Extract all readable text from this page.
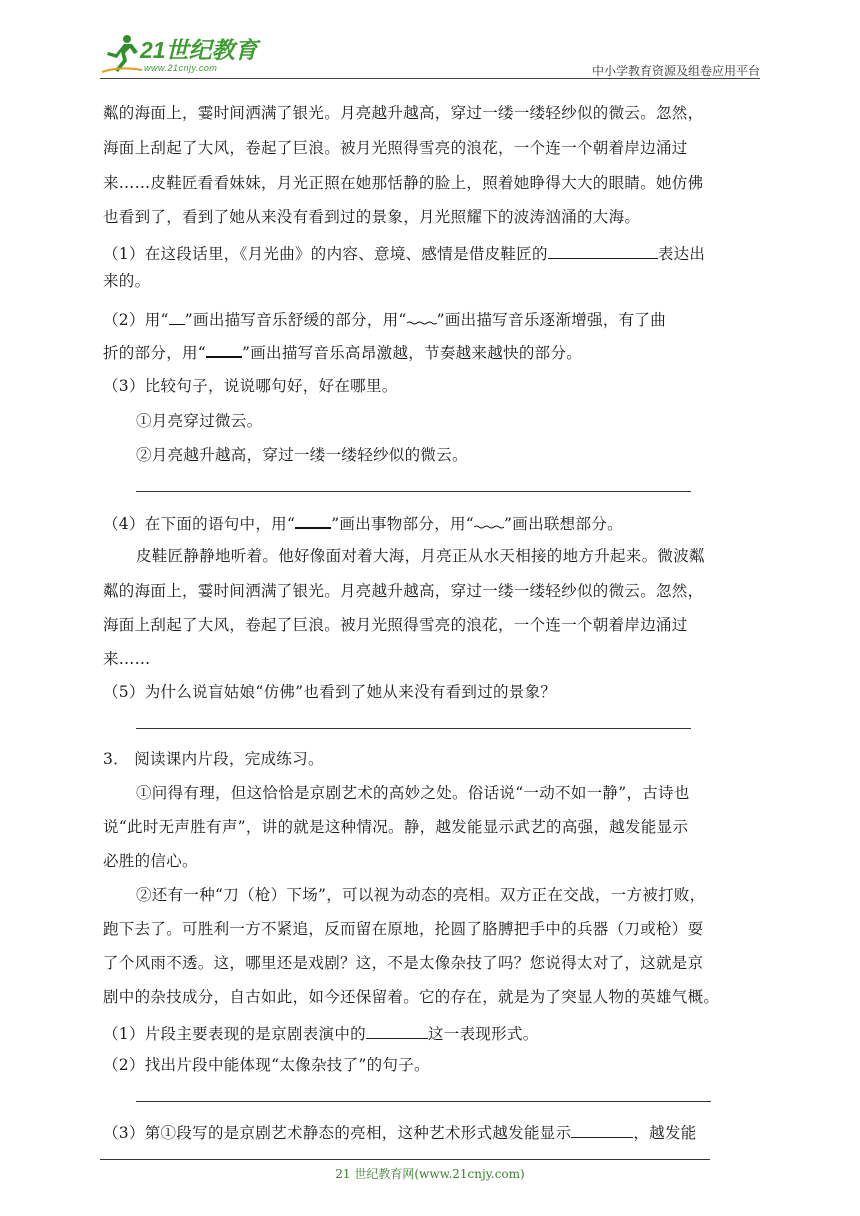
21世纪教育
www.21cnjy.com	中小学教育资源及组卷应用平台
粼的海面上，霎时间洒满了银光。月亮越升越高，穿过一缕一缕轻纱似的微云。忽然，
海面上刮起了大风，卷起了巨浪。被月光照得雪亮的浪花，一个连一个朝着岸边涌过
来……皮鞋匠看看妹妹，月光正照在她那恬静的脸上，照着她睁得大大的眼睛。她仿佛
也看到了，看到了她从来没有看到过的景象，月光照耀下的波涛汹涌的大海。
（1）在这段话里，《月光曲》的内容、意境、感情是借皮鞋匠的	表达出
来的。
（2）用“ ”画出描写音乐舒缓的部分，用“ ”画出描写音乐逐渐增强，有了曲
折的部分，用“ ”画出描写音乐高昂激越，节奏越来越快的部分。
（3）比较句子，说说哪句好，好在哪里。
①月亮穿过微云。
②月亮越升越高，穿过一缕一缕轻纱似的微云。
（4）在下面的语句中，用“ ”画出事物部分，用“ ”画出联想部分。
皮鞋匠静静地听着。他好像面对着大海，月亮正从水天相接的地方升起来。微波粼
粼的海面上，霎时间洒满了银光。月亮越升越高，穿过一缕一缕轻纱似的微云。忽然，
海面上刮起了大风，卷起了巨浪。被月光照得雪亮的浪花，一个连一个朝着岸边涌过
来……
（5）为什么说盲姑娘“仿佛”也看到了她从来没有看到过的景象？
3． 阅读课内片段，完成练习。
①问得有理，但这恰恰是京剧艺术的高妙之处。俗话说“一动不如一静”，古诗也
说“此时无声胜有声”，讲的就是这种情况。静，越发能显示武艺的高强，越发能显示
必胜的信心。
②还有一种“刀（枪）下场”，可以视为动态的亮相。双方正在交战，一方被打败，
跑下去了。可胜利一方不紧追，反而留在原地，抡圆了胳膊把手中的兵器（刀或枪）耍
了个风雨不透。这，哪里还是戏剧？这，不是太像杂技了吗？您说得太对了，这就是京
剧中的杂技成分，自古如此，如今还保留着。它的存在，就是为了突显人物的英雄气概。
（1）片段主要表现的是京剧表演中的	这一表现形式。
（2）找出片段中能体现“太像杂技了”的句子。
（3）第①段写的是京剧艺术静态的亮相，这种艺术形式越发能显示	，越发能
21 世纪教育网(www.21cnjy.com)
